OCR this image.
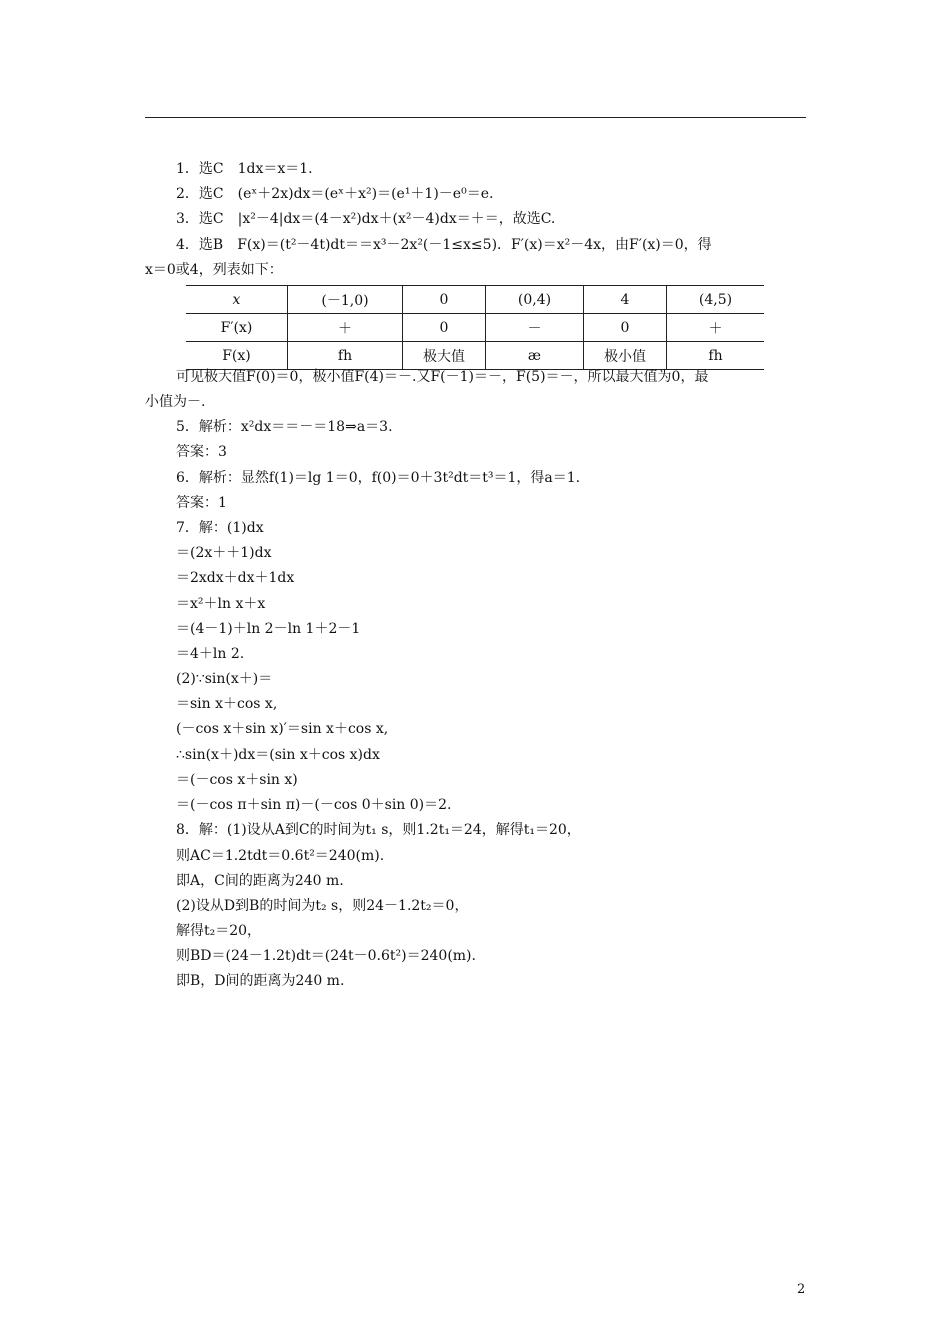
1．选C　1dx＝x＝1.
2．选C　(eˣ＋2x)dx＝(eˣ＋x²)＝(e¹＋1)－e⁰＝e.
3．选C　|x²－4|dx＝(4－x²)dx＋(x²－4)dx＝＋＝，故选C.
4．选B　F(x)＝(t²－4t)dt＝＝x³－2x²(－1≤x≤5)．F′(x)＝x²－4x，由F′(x)＝0，得
x＝0或4，列表如下：
x	(－1,0)	0	(0,4)	4	(4,5)
F′(x)	＋	0	－	0	＋
F(x)	fh	极大值	æ	极小值	fh
可见极大值F(0)＝0，极小值F(4)＝－.又F(－1)＝－，F(5)＝－，所以最大值为0，最
小值为－.
5．解析：x²dx＝＝－＝18⇒a＝3.
答案：3
6．解析：显然f(1)＝lg 1＝0，f(0)＝0＋3t²dt＝t³＝1，得a＝1.
答案：1
7．解：(1)dx
＝(2x＋＋1)dx
＝2xdx＋dx＋1dx
＝x²＋ln x＋x
＝(4－1)＋ln 2－ln 1＋2－1
＝4＋ln 2.
(2)∵sin(x＋)＝
＝sin x＋cos x,
(－cos x＋sin x)′＝sin x＋cos x,
∴sin(x＋)dx＝(sin x＋cos x)dx
＝(－cos x＋sin x)
＝(－cos π＋sin π)－(－cos 0＋sin 0)＝2.
8．解：(1)设从A到C的时间为t₁ s，则1.2t₁＝24，解得t₁＝20，
则AC＝1.2tdt＝0.6t²＝240(m).
即A，C间的距离为240 m.
(2)设从D到B的时间为t₂ s，则24－1.2t₂＝0，
解得t₂＝20，
则BD＝(24－1.2t)dt＝(24t－0.6t²)＝240(m).
即B，D间的距离为240 m.
2
